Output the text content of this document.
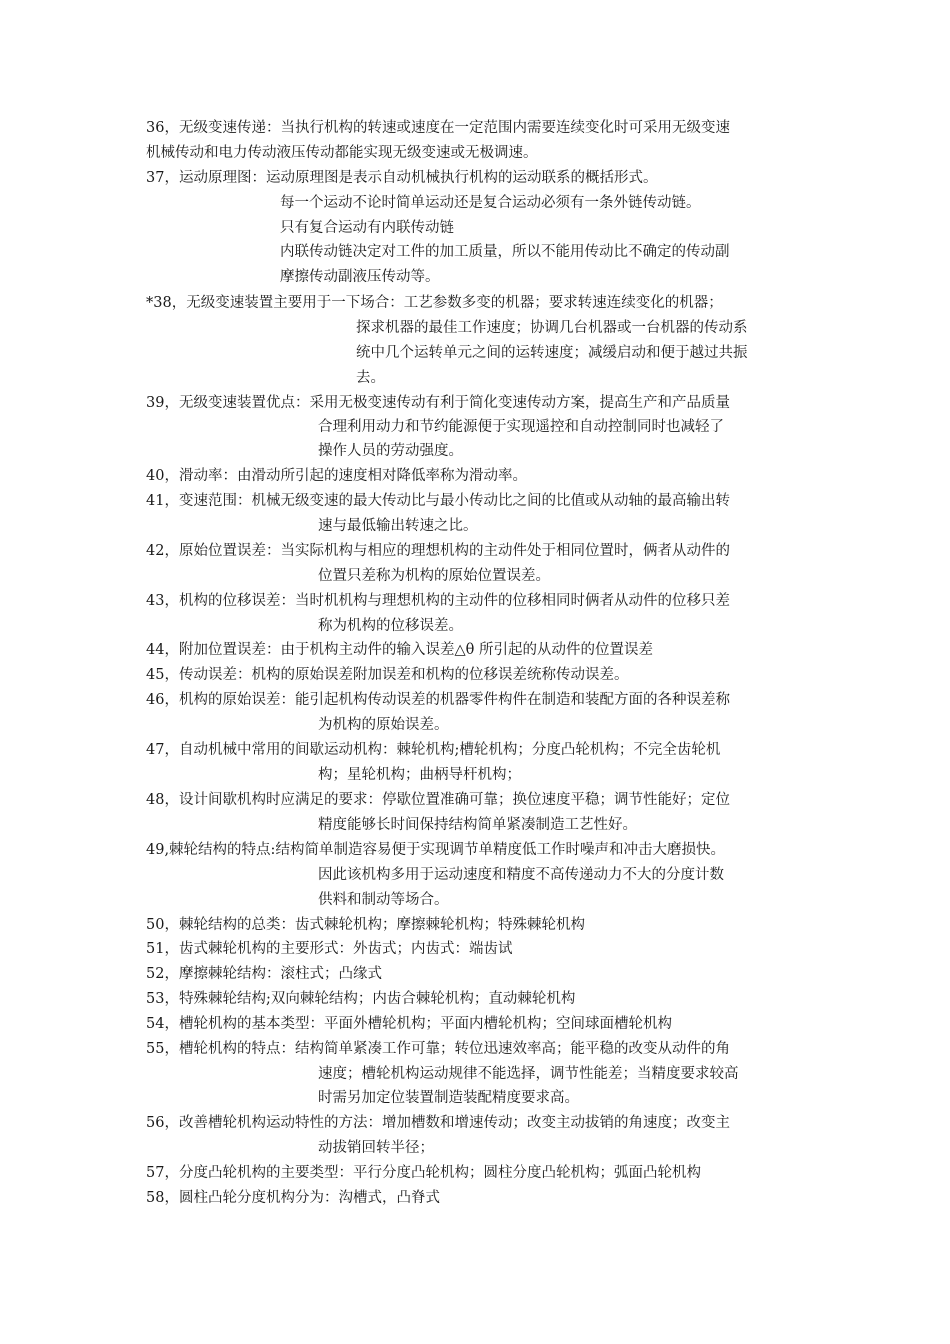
36，无级变速传递：当执行机构的转速或速度在一定范围内需要连续变化时可采用无级变速
机械传动和电力传动液压传动都能实现无级变速或无极调速。
37，运动原理图：运动原理图是表示自动机械执行机构的运动联系的概括形式。
每一个运动不论时简单运动还是复合运动必须有一条外链传动链。
只有复合运动有内联传动链
内联传动链决定对工件的加工质量，所以不能用传动比不确定的传动副
摩擦传动副液压传动等。
*38，无级变速装置主要用于一下场合：工艺参数多变的机器；要求转速连续变化的机器；
探求机器的最佳工作速度；协调几台机器或一台机器的传动系
统中几个运转单元之间的运转速度；减缓启动和便于越过共振
去。
39，无级变速装置优点：采用无极变速传动有利于简化变速传动方案，提高生产和产品质量
合理利用动力和节约能源便于实现遥控和自动控制同时也减轻了
操作人员的劳动强度。
40，滑动率：由滑动所引起的速度相对降低率称为滑动率。
41，变速范围：机械无级变速的最大传动比与最小传动比之间的比值或从动轴的最高输出转
速与最低输出转速之比。
42，原始位置误差：当实际机构与相应的理想机构的主动件处于相同位置时，俩者从动件的
位置只差称为机构的原始位置误差。
43，机构的位移误差：当时机机构与理想机构的主动件的位移相同时俩者从动件的位移只差
称为机构的位移误差。
44，附加位置误差：由于机构主动件的输入误差△θ 所引起的从动件的位置误差
45，传动误差：机构的原始误差附加误差和机构的位移误差统称传动误差。
46，机构的原始误差：能引起机构传动误差的机器零件构件在制造和装配方面的各种误差称
为机构的原始误差。
47，自动机械中常用的间歇运动机构：棘轮机构;槽轮机构；分度凸轮机构；不完全齿轮机
构；星轮机构；曲柄导杆机构；
48，设计间歇机构时应满足的要求：停歇位置准确可靠；换位速度平稳；调节性能好；定位
精度能够长时间保持结构简单紧凑制造工艺性好。
49,棘轮结构的特点:结构简单制造容易便于实现调节单精度低工作时噪声和冲击大磨损快。
因此该机构多用于运动速度和精度不高传递动力不大的分度计数
供料和制动等场合。
50，棘轮结构的总类：齿式棘轮机构；摩擦棘轮机构；特殊棘轮机构
51，齿式棘轮机构的主要形式：外齿式；内齿式：端齿试
52，摩擦棘轮结构：滚柱式；凸缘式
53，特殊棘轮结构;双向棘轮结构；内齿合棘轮机构；直动棘轮机构
54，槽轮机构的基本类型：平面外槽轮机构；平面内槽轮机构；空间球面槽轮机构
55，槽轮机构的特点：结构简单紧凑工作可靠；转位迅速效率高；能平稳的改变从动件的角
速度；槽轮机构运动规律不能选择，调节性能差；当精度要求较高
时需另加定位装置制造装配精度要求高。
56，改善槽轮机构运动特性的方法：增加槽数和增速传动；改变主动拔销的角速度；改变主
动拔销回转半径；
57，分度凸轮机构的主要类型：平行分度凸轮机构；圆柱分度凸轮机构；弧面凸轮机构
58，圆柱凸轮分度机构分为：沟槽式，凸脊式
